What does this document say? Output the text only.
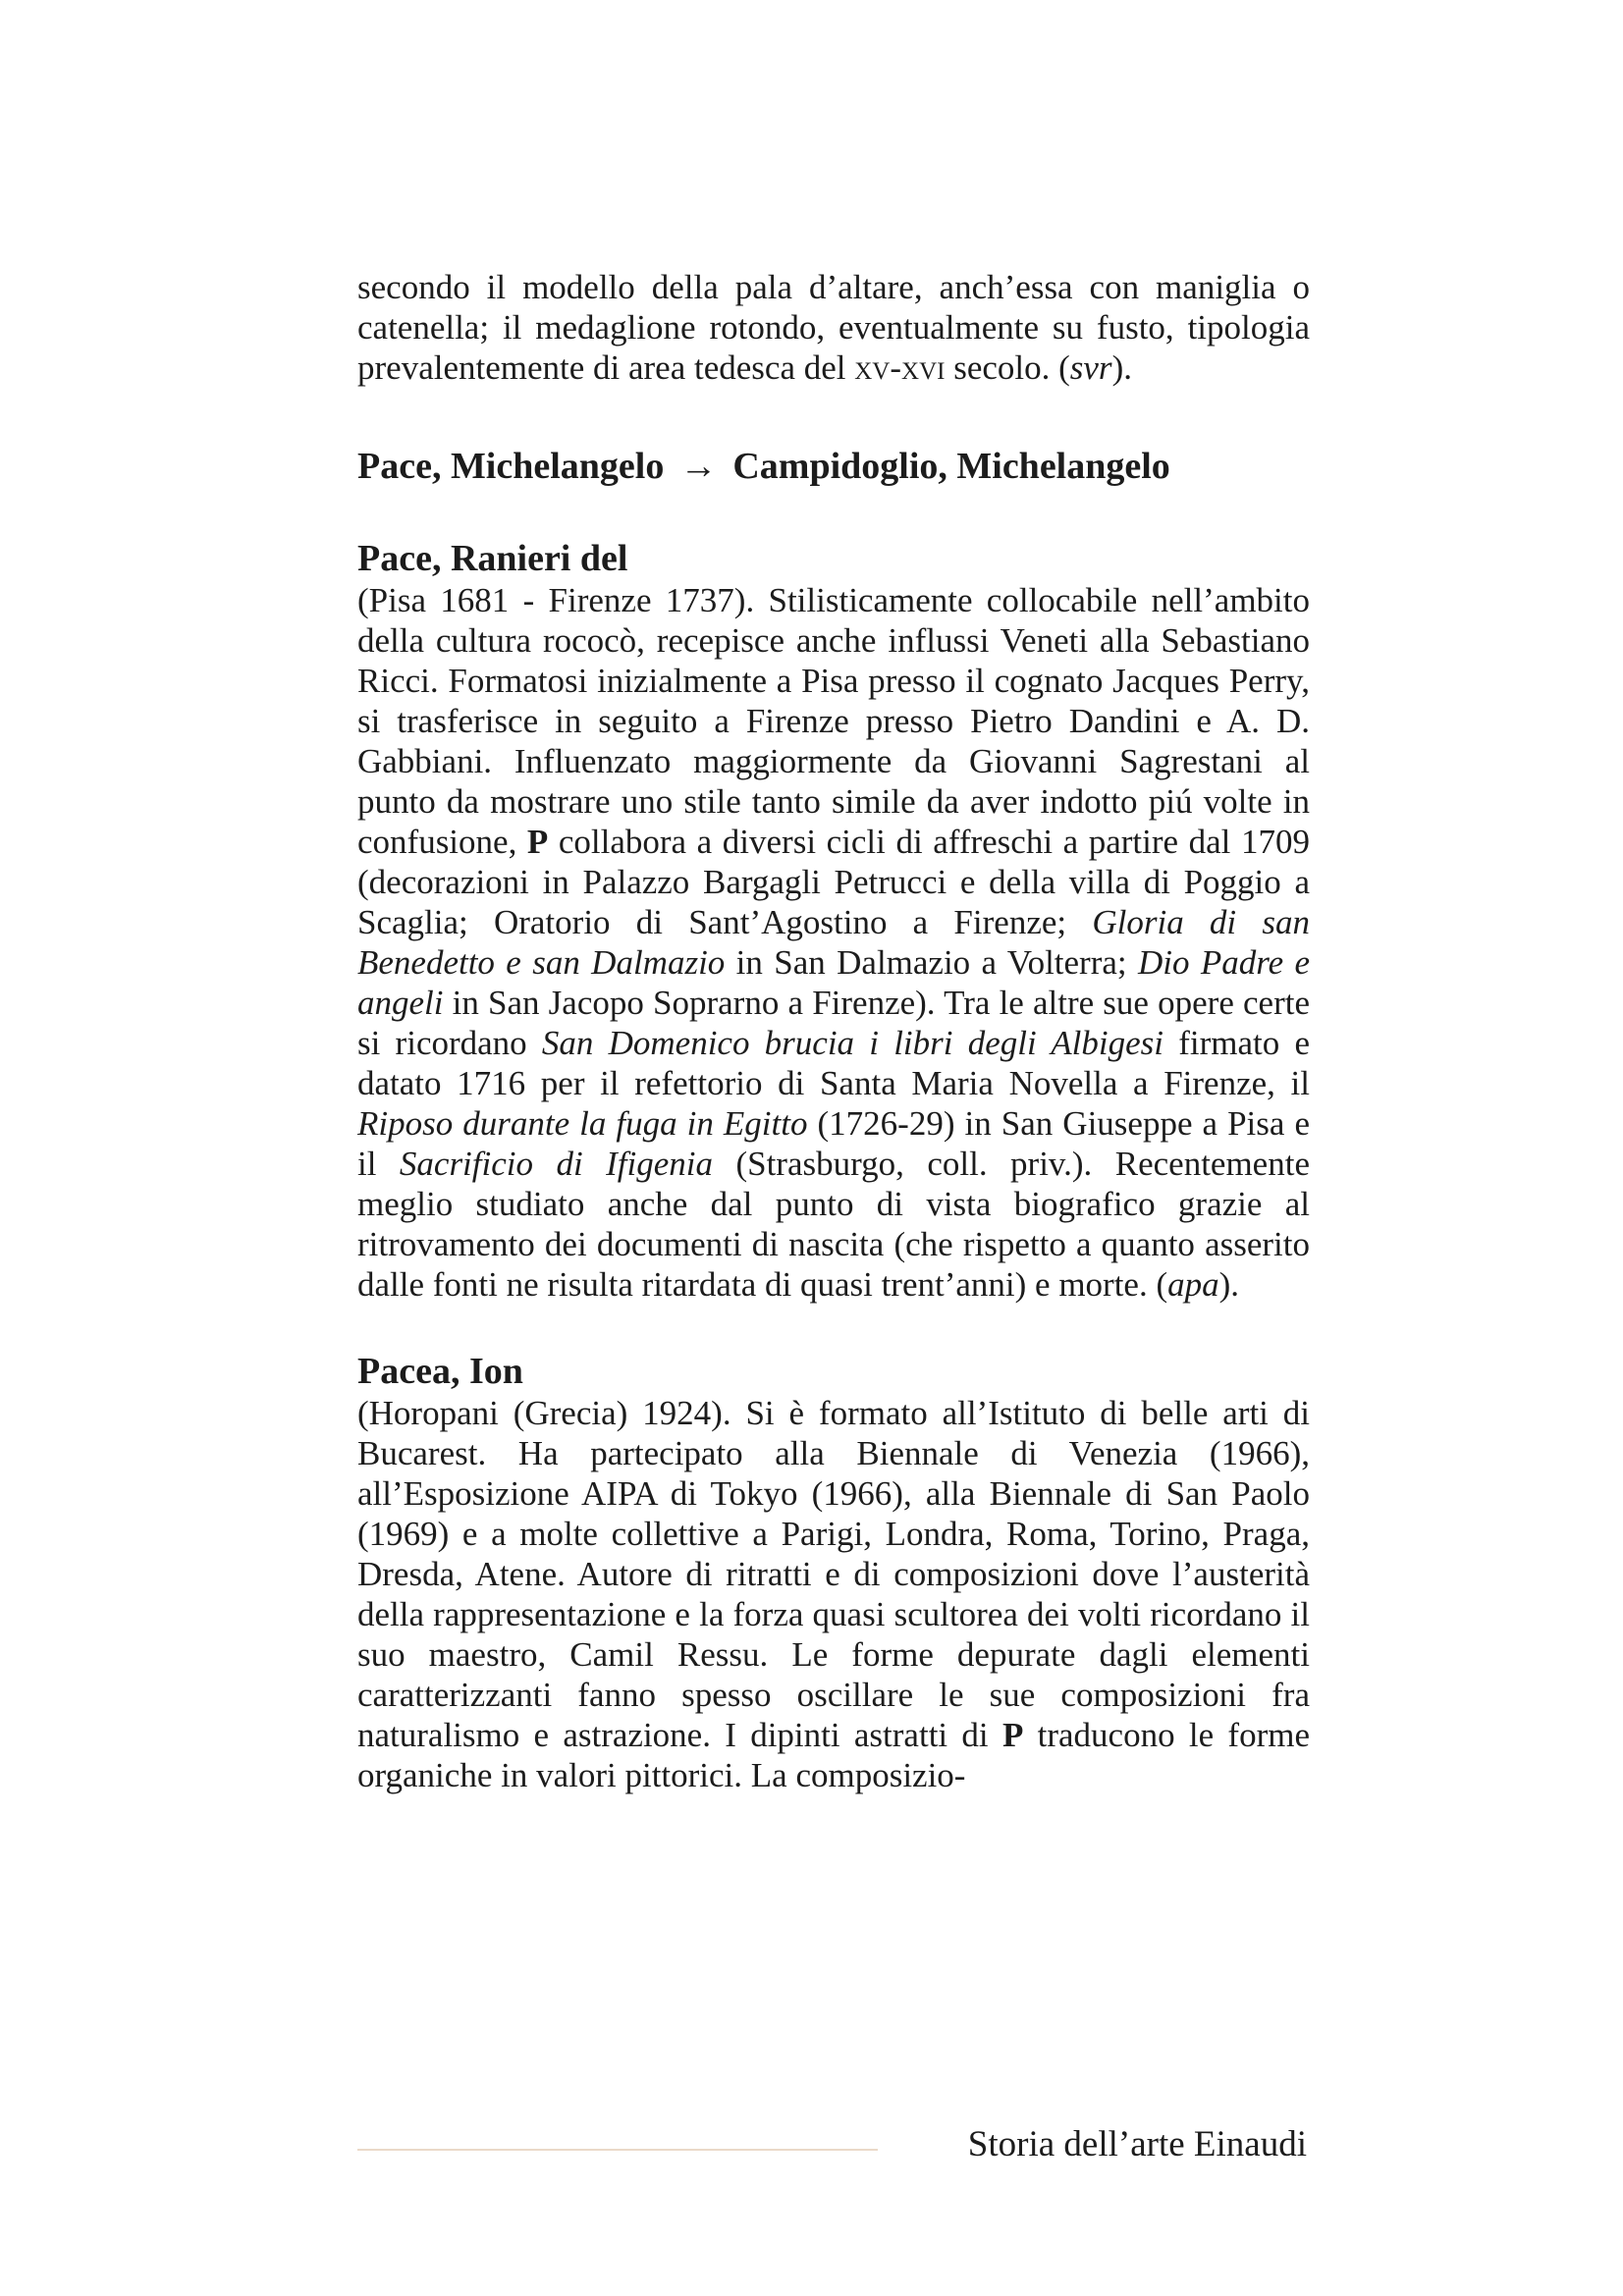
secondo il modello della pala d’altare, anch’essa con maniglia o catenella; il medaglione rotondo, eventualmente su fusto, tipologia prevalentemente di area tedesca del xv-xvi secolo. (svr).

Pace, Michelangelo → Campidoglio, Michelangelo
Pace, Ranieri del

(Pisa 1681 - Firenze 1737). Stilisticamente collocabile nell’ambito della cultura rococò, recepisce anche influssi Veneti alla Sebastiano Ricci. Formatosi inizialmente a Pisa presso il cognato Jacques Perry, si trasferisce in seguito a Firenze presso Pietro Dandini e A. D. Gabbiani. Influenzato maggiormente da Giovanni Sagrestani al punto da mostrare uno stile tanto simile da aver indotto piú volte in confusione, P collabora a diversi cicli di affreschi a partire dal 1709 (decorazioni in Palazzo Bargagli Petrucci e della villa di Poggio a Scaglia; Oratorio di Sant’Agostino a Firenze; Gloria di san Benedetto e san Dalmazio in San Dalmazio a Volterra; Dio Padre e angeli in San Jacopo Soprarno a Firenze). Tra le altre sue opere certe si ricordano San Domenico brucia i libri degli Albigesi firmato e datato 1716 per il refettorio di Santa Maria Novella a Firenze, il Riposo durante la fuga in Egitto (1726-29) in San Giuseppe a Pisa e il Sacrificio di Ifigenia (Strasburgo, coll. priv.). Recentemente meglio studiato anche dal punto di vista biografico grazie al ritrovamento dei documenti di nascita (che rispetto a quanto asserito dalle fonti ne risulta ritardata di quasi trent’anni) e morte. (apa).

Pacea, Ion

(Horopani (Grecia) 1924). Si è formato all’Istituto di belle arti di Bucarest. Ha partecipato alla Biennale di Venezia (1966), all’Esposizione AIPA di Tokyo (1966), alla Biennale di San Paolo (1969) e a molte collettive a Parigi, Londra, Roma, Torino, Praga, Dresda, Atene. Autore di ritratti e di composizioni dove l’austerità della rappresentazione e la forza quasi scultorea dei volti ricordano il suo maestro, Camil Ressu. Le forme depurate dagli elementi caratterizzanti fanno spesso oscillare le sue composizioni fra naturalismo e astrazione. I dipinti astratti di P traducono le forme organiche in valori pittorici. La composizio-

Storia dell’arte Einaudi
